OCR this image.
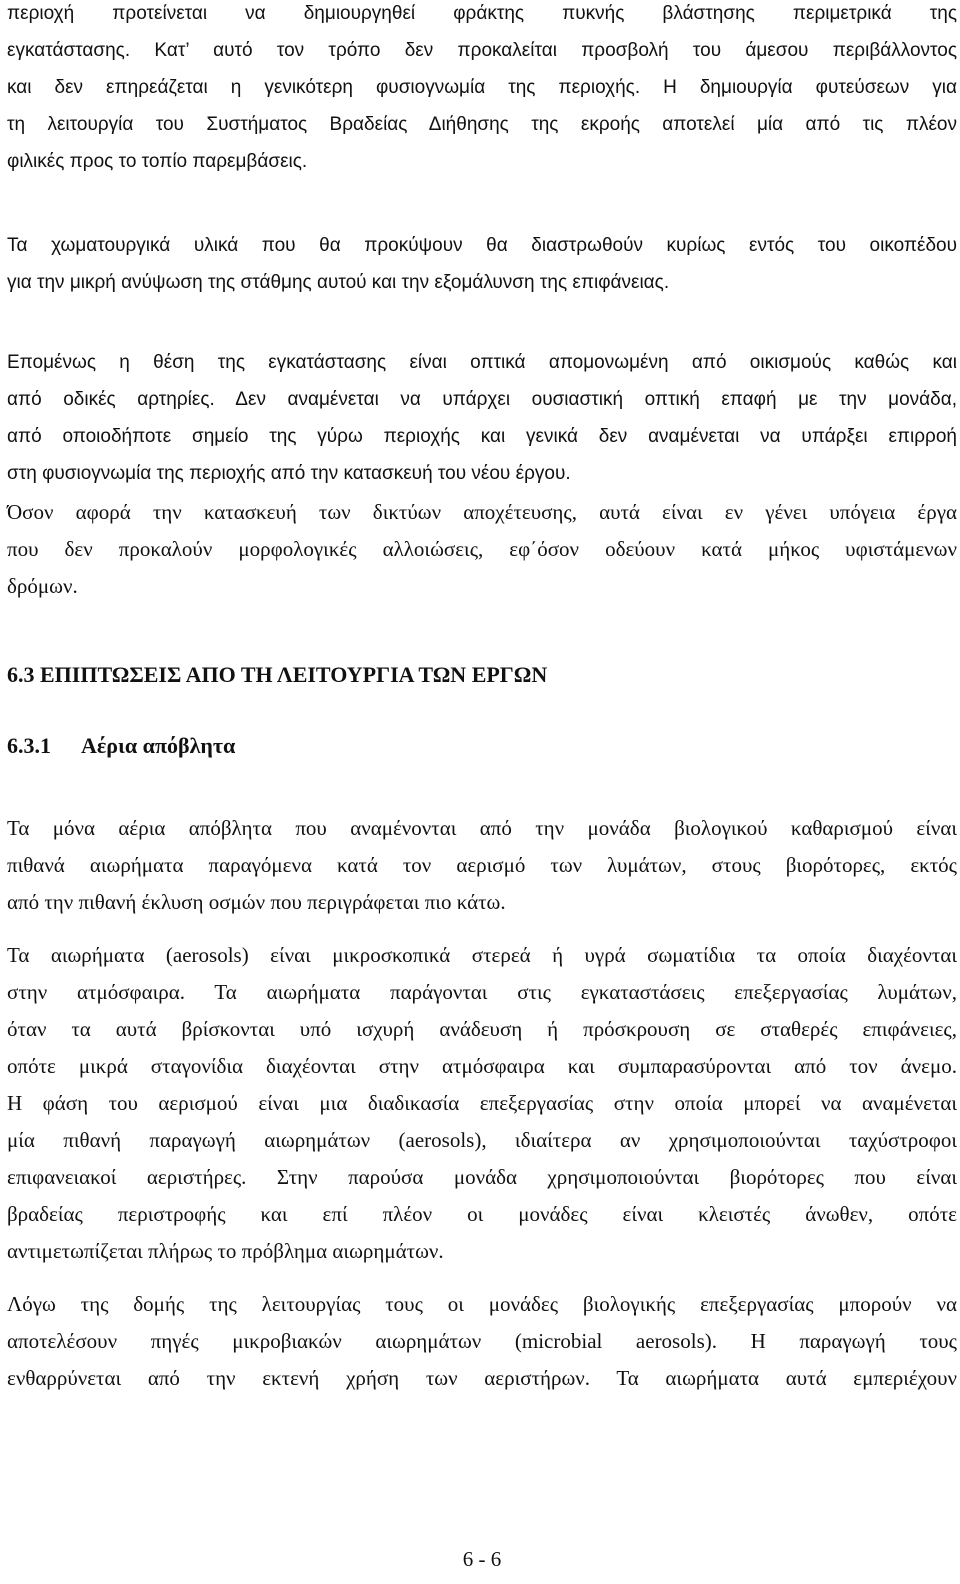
περιοχή προτείνεται να δημιουργηθεί φράκτης πυκνής βλάστησης περιμετρικά της
εγκατάστασης. Κατ’ αυτό τον τρόπο δεν προκαλείται προσβολή του άμεσου περιβάλλοντος
και δεν επηρεάζεται η γενικότερη φυσιογνωμία της περιοχής. Η δημιουργία φυτεύσεων για
τη λειτουργία του Συστήματος Βραδείας Διήθησης της εκροής αποτελεί μία από τις πλέον
φιλικές προς το τοπίο παρεμβάσεις.
Τα χωματουργικά υλικά που θα προκύψουν θα διαστρωθούν κυρίως εντός του οικοπέδου
για την μικρή ανύψωση της στάθμης αυτού και την εξομάλυνση της επιφάνειας.
Επομένως η θέση της εγκατάστασης είναι οπτικά απομονωμένη από οικισμούς καθώς και
από οδικές αρτηρίες. Δεν αναμένεται να υπάρχει ουσιαστική οπτική επαφή με την μονάδα,
από οποιοδήποτε σημείο της γύρω περιοχής και γενικά δεν αναμένεται να υπάρξει επιρροή
στη φυσιογνωμία της περιοχής από την κατασκευή του νέου έργου.
Όσον αφορά την κατασκευή των δικτύων αποχέτευσης, αυτά είναι εν γένει υπόγεια έργα
που δεν προκαλούν μορφολογικές αλλοιώσεις, εφ΄όσον οδεύουν κατά μήκος υφιστάμενων
δρόμων.
6.3 ΕΠΙΠΤΩΣΕΙΣ ΑΠΟ ΤΗ ΛΕΙΤΟΥΡΓΙΑ ΤΩΝ ΕΡΓΩΝ
6.3.1 Αέρια απόβλητα
Τα μόνα αέρια απόβλητα που αναμένονται από την μονάδα βιολογικού καθαρισμού είναι
πιθανά αιωρήματα παραγόμενα κατά τον αερισμό των λυμάτων, στους βιορότορες, εκτός
από την πιθανή έκλυση οσμών που περιγράφεται πιο κάτω.
Τα αιωρήματα (aerosols) είναι μικροσκοπικά στερεά ή υγρά σωματίδια τα οποία διαχέονται
στην ατμόσφαιρα. Τα αιωρήματα παράγονται στις εγκαταστάσεις επεξεργασίας λυμάτων,
όταν τα αυτά βρίσκονται υπό ισχυρή ανάδευση ή πρόσκρουση σε σταθερές επιφάνειες,
οπότε μικρά σταγονίδια διαχέονται στην ατμόσφαιρα και συμπαρασύρονται από τον άνεμο.
Η φάση του αερισμού είναι μια διαδικασία επεξεργασίας στην οποία μπορεί να αναμένεται
μία πιθανή παραγωγή αιωρημάτων (aerosols), ιδιαίτερα αν χρησιμοποιούνται ταχύστροφοι
επιφανειακοί αεριστήρες. Στην παρούσα μονάδα χρησιμοποιούνται βιορότορες που είναι
βραδείας περιστροφής και επί πλέον οι μονάδες είναι κλειστές άνωθεν, οπότε
αντιμετωπίζεται πλήρως το πρόβλημα αιωρημάτων.
Λόγω της δομής της λειτουργίας τους οι μονάδες βιολογικής επεξεργασίας μπορούν να
αποτελέσουν πηγές μικροβιακών αιωρημάτων (microbial aerosols). Η παραγωγή τους
ενθαρρύνεται από την εκτενή χρήση των αεριστήρων. Τα αιωρήματα αυτά εμπεριέχουν
6 - 6
